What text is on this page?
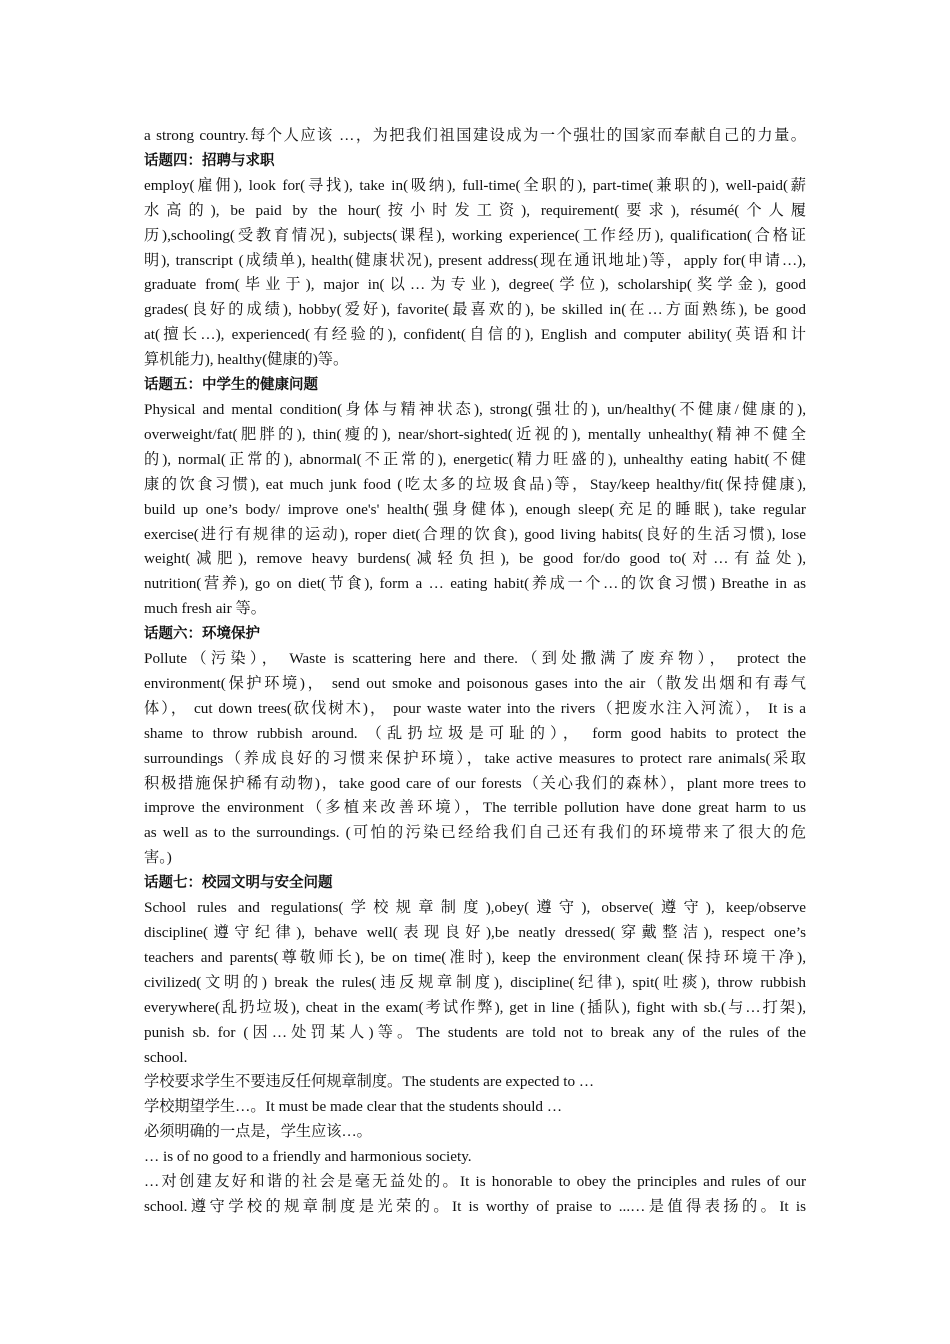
a strong country.每个人应该 …，为把我们祖国建设成为一个强壮的国家而奉献自己的力量。
话题四：招聘与求职
employ(雇佣), look for(寻找), take in(吸纳), full-time(全职的), part-time(兼职的), well-paid(薪
水高的), be paid by the hour(按小时发工资), requirement(要求), résumé(个人履
历),schooling(受教育情况), subjects(课程), working experience(工作经历), qualification(合格证
明), transcript (成绩单), health(健康状况), present address(现在通讯地址)等，apply for(申请…),
graduate from(毕业于), major in(以…为专业), degree(学位), scholarship(奖学金), good
grades(良好的成绩), hobby(爱好), favorite(最喜欢的), be skilled in(在…方面熟练), be good
at(擅长…), experienced(有经验的), confident(自信的), English and computer ability(英语和计
算机能力), healthy(健康的)等。
话题五：中学生的健康问题
Physical and mental condition(身体与精神状态), strong(强壮的), un/healthy(不健康/健康的),
overweight/fat(肥胖的), thin(瘦的), near/short-sighted(近视的), mentally unhealthy(精神不健全
的), normal(正常的), abnormal(不正常的), energetic(精力旺盛的), unhealthy eating habit(不健
康的饮食习惯), eat much junk food (吃太多的垃圾食品)等，Stay/keep healthy/fit(保持健康),
build up one’s body/ improve one's' health(强身健体), enough sleep(充足的睡眠), take regular
exercise(进行有规律的运动), roper diet(合理的饮食), good living habits(良好的生活习惯), lose
weight(减肥), remove heavy burdens(减轻负担), be good for/do good to(对…有益处),
nutrition(营养), go on diet(节食), form a … eating habit(养成一个…的饮食习惯) Breathe in as
much fresh air 等。
话题六：环境保护
Pollute（污染）， Waste is scattering here and there.（到处撒满了废弃物）， protect the
environment(保护环境)， send out smoke and poisonous gases into the air（散发出烟和有毒气
体）， cut down trees(砍伐树木)， pour waste water into the rivers（把废水注入河流）， It is a
shame to throw rubbish around. （乱扔垃圾是可耻的）， form good habits to protect the
surroundings（养成良好的习惯来保护环境），take active measures to protect rare animals(采取
积极措施保护稀有动物)，take good care of our forests（关心我们的森林），plant more trees to
improve the environment（多植来改善环境），The terrible pollution have done great harm to us
as well as to the surroundings. (可怕的污染已经给我们自己还有我们的环境带来了很大的危
害。)
话题七：校园文明与安全问题
School rules and regulations(学校规章制度),obey(遵守), observe(遵守), keep/observe
discipline(遵守纪律), behave well(表现良好),be neatly dressed(穿戴整洁), respect one’s
teachers and parents(尊敬师长), be on time(准时), keep the environment clean(保持环境干净),
civilized(文明的) break the rules(违反规章制度), discipline(纪律), spit(吐痰), throw rubbish
everywhere(乱扔垃圾), cheat in the exam(考试作弊), get in line (插队), fight with sb.(与…打架),
punish sb. for (因…处罚某人)等。The students are told not to break any of the rules of the
school.
学校要求学生不要违反任何规章制度。The students are expected to …
学校期望学生…。It must be made clear that the students should …
必须明确的一点是，学生应该…。
… is of no good to a friendly and harmonious society.
…对创建友好和谐的社会是毫无益处的。It is honorable to obey the principles and rules of our
school.遵守学校的规章制度是光荣的。It is worthy of praise to ...…是值得表扬的。It is
